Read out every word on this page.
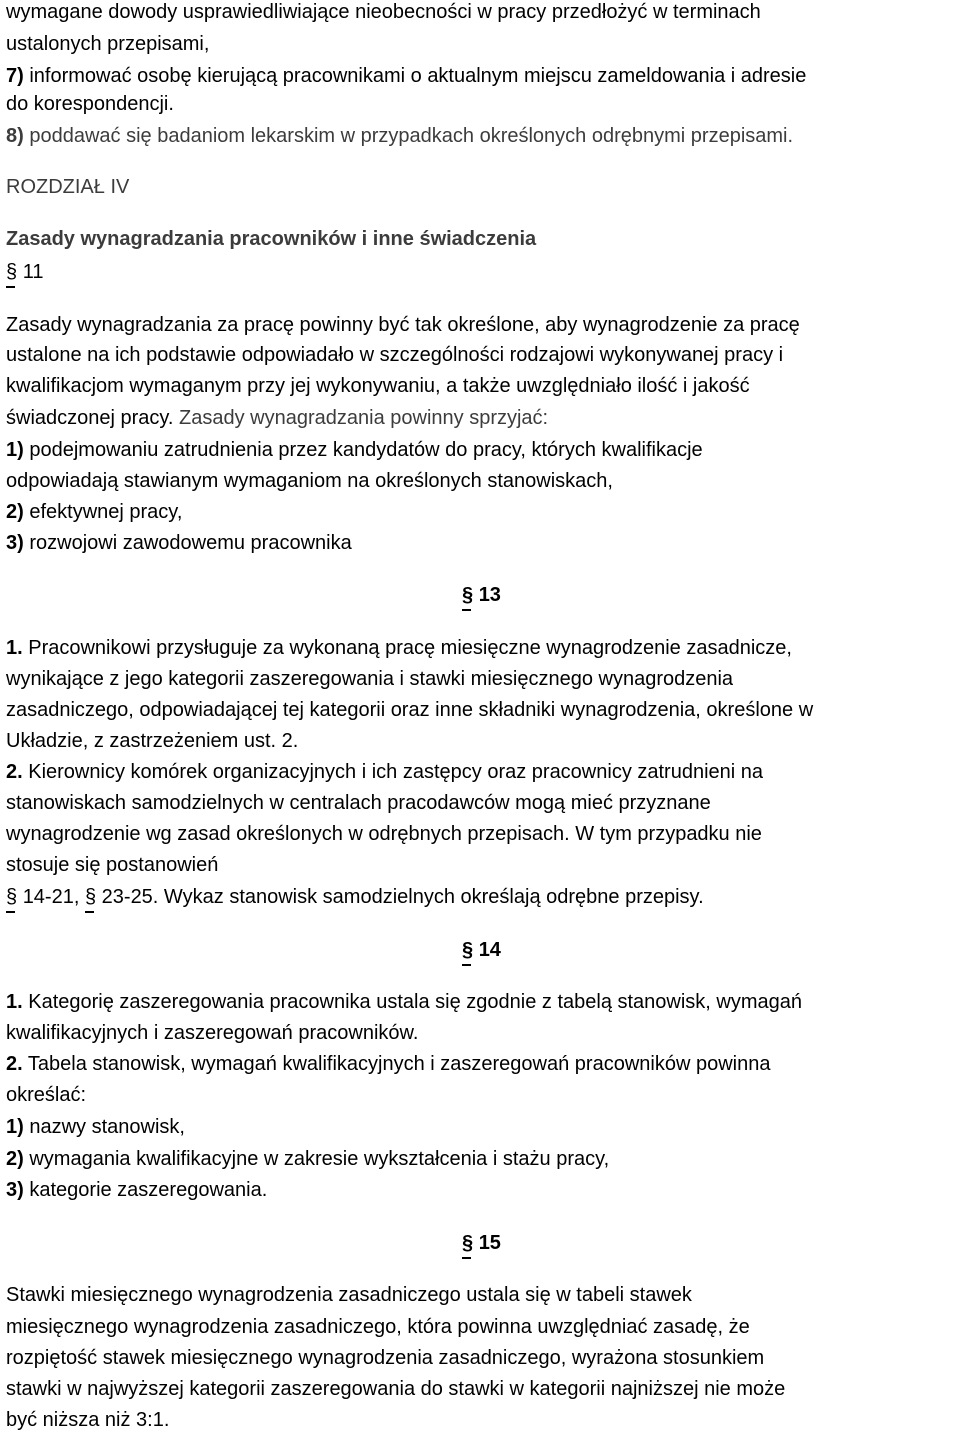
wymagane dowody usprawiedliwiające nieobecności w pracy przedłożyć w terminach
ustalonych przepisami,
7) informować osobę kierującą pracownikami o aktualnym miejscu zameldowania i adresie
do korespondencji.
8) poddawać się badaniom lekarskim w przypadkach określonych odrębnymi przepisami.
ROZDZIAŁ IV
Zasady wynagradzania pracowników i inne świadczenia
§ 11
Zasady wynagradzania za pracę powinny być tak określone, aby wynagrodzenie za pracę
ustalone na ich podstawie odpowiadało w szczególności rodzajowi wykonywanej pracy i
kwalifikacjom wymaganym przy jej wykonywaniu, a także uwzględniało ilość i jakość
świadczonej pracy. Zasady wynagradzania powinny sprzyjać:
1) podejmowaniu zatrudnienia przez kandydatów do pracy, których kwalifikacje
odpowiadają stawianym wymaganiom na określonych stanowiskach,
2) efektywnej pracy,
3) rozwojowi zawodowemu pracownika
§ 13
1. Pracownikowi przysługuje za wykonaną pracę miesięczne wynagrodzenie zasadnicze,
wynikające z jego kategorii zaszeregowania i stawki miesięcznego wynagrodzenia
zasadniczego, odpowiadającej tej kategorii oraz inne składniki wynagrodzenia, określone w
Układzie, z zastrzeżeniem ust. 2.
2. Kierownicy komórek organizacyjnych i ich zastępcy oraz pracownicy zatrudnieni na
stanowiskach samodzielnych w centralach pracodawców mogą mieć przyznane
wynagrodzenie wg zasad określonych w odrębnych przepisach. W tym przypadku nie
stosuje się postanowień
§ 14-21, § 23-25. Wykaz stanowisk samodzielnych określają odrębne przepisy.
§ 14
1. Kategorię zaszeregowania pracownika ustala się zgodnie z tabelą stanowisk, wymagań
kwalifikacyjnych i zaszeregowań pracowników.
2. Tabela stanowisk, wymagań kwalifikacyjnych i zaszeregowań pracowników powinna
określać:
1) nazwy stanowisk,
2) wymagania kwalifikacyjne w zakresie wykształcenia i stażu pracy,
3) kategorie zaszeregowania.
§ 15
Stawki miesięcznego wynagrodzenia zasadniczego ustala się w tabeli stawek
miesięcznego wynagrodzenia zasadniczego, która powinna uwzględniać zasadę, że
rozpiętość stawek miesięcznego wynagrodzenia zasadniczego, wyrażona stosunkiem
stawki w najwyższej kategorii zaszeregowania do stawki w kategorii najniższej nie może
być niższa niż 3:1.
